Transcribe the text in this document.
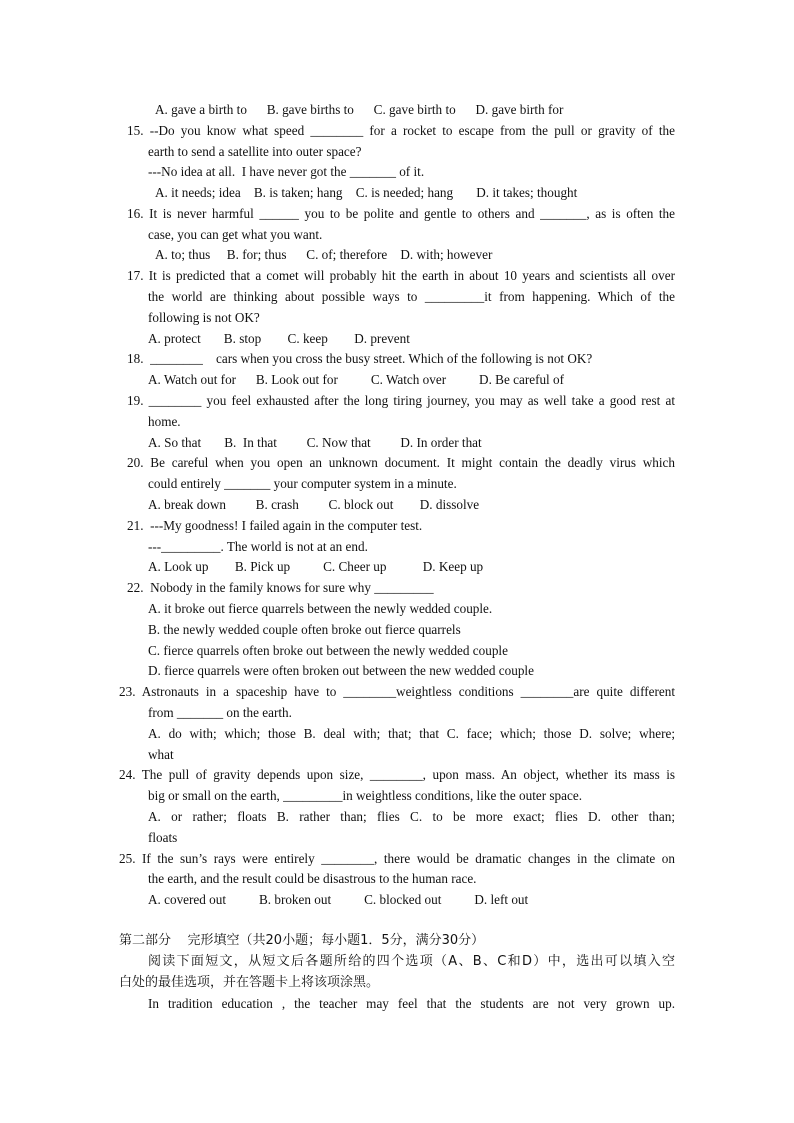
A. gave a birth to      B. gave births to      C. gave birth to      D. gave birth for
15. --Do you know what speed ________ for a rocket to escape from the pull or gravity of the
earth to send a satellite into outer space?
---No idea at all.  I have never got the _______ of it.
A. it needs; idea    B. is taken; hang    C. is needed; hang       D. it takes; thought
16. It is never harmful ______ you to be polite and gentle to others and _______, as is often the
case, you can get what you want.
A. to; thus     B. for; thus      C. of; therefore    D. with; however
17. It is predicted that a comet will probably hit the earth in about 10 years and scientists all over
the world are thinking about possible ways to _________it from happening. Which of the
following is not OK?
A. protect       B. stop        C. keep        D. prevent
18.  ________    cars when you cross the busy street. Which of the following is not OK?
A. Watch out for      B. Look out for          C. Watch over          D. Be careful of
19. ________ you feel exhausted after the long tiring journey, you may as well take a good rest at
home.
A. So that       B.  In that         C. Now that         D. In order that
20. Be careful when you open an unknown document. It might contain the deadly virus which
could entirely _______ your computer system in a minute.
A. break down         B. crash         C. block out        D. dissolve
21.  ---My goodness! I failed again in the computer test.
---_________. The world is not at an end.
A. Look up        B. Pick up          C. Cheer up           D. Keep up
22.  Nobody in the family knows for sure why _________
A. it broke out fierce quarrels between the newly wedded couple.
B. the newly wedded couple often broke out fierce quarrels
C. fierce quarrels often broke out between the newly wedded couple
D. fierce quarrels were often broken out between the new wedded couple
23. Astronauts in a spaceship have to ________weightless conditions ________are quite different
from _______ on the earth.
A. do with; which; those B. deal with; that; that C. face; which; those D. solve; where;
what
24. The pull of gravity depends upon size, ________, upon mass. An object, whether its mass is
big or small on the earth, _________in weightless conditions, like the outer space.
A. or rather; floats B. rather than; flies C. to be more exact; flies D. other than;
floats
25. If the sun’s rays were entirely ________, there would be dramatic changes in the climate on
the earth, and the result could be disastrous to the human race.
A. covered out          B. broken out          C. blocked out          D. left out
第二部分    完形填空（共20小题；每小题1．5分，满分30分）
阅读下面短文，从短文后各题所给的四个选项（A、B、C和D）中，选出可以填入空
白处的最佳选项，并在答题卡上将该项涂黑。
In tradition education , the teacher may feel that the students are not very grown up.
